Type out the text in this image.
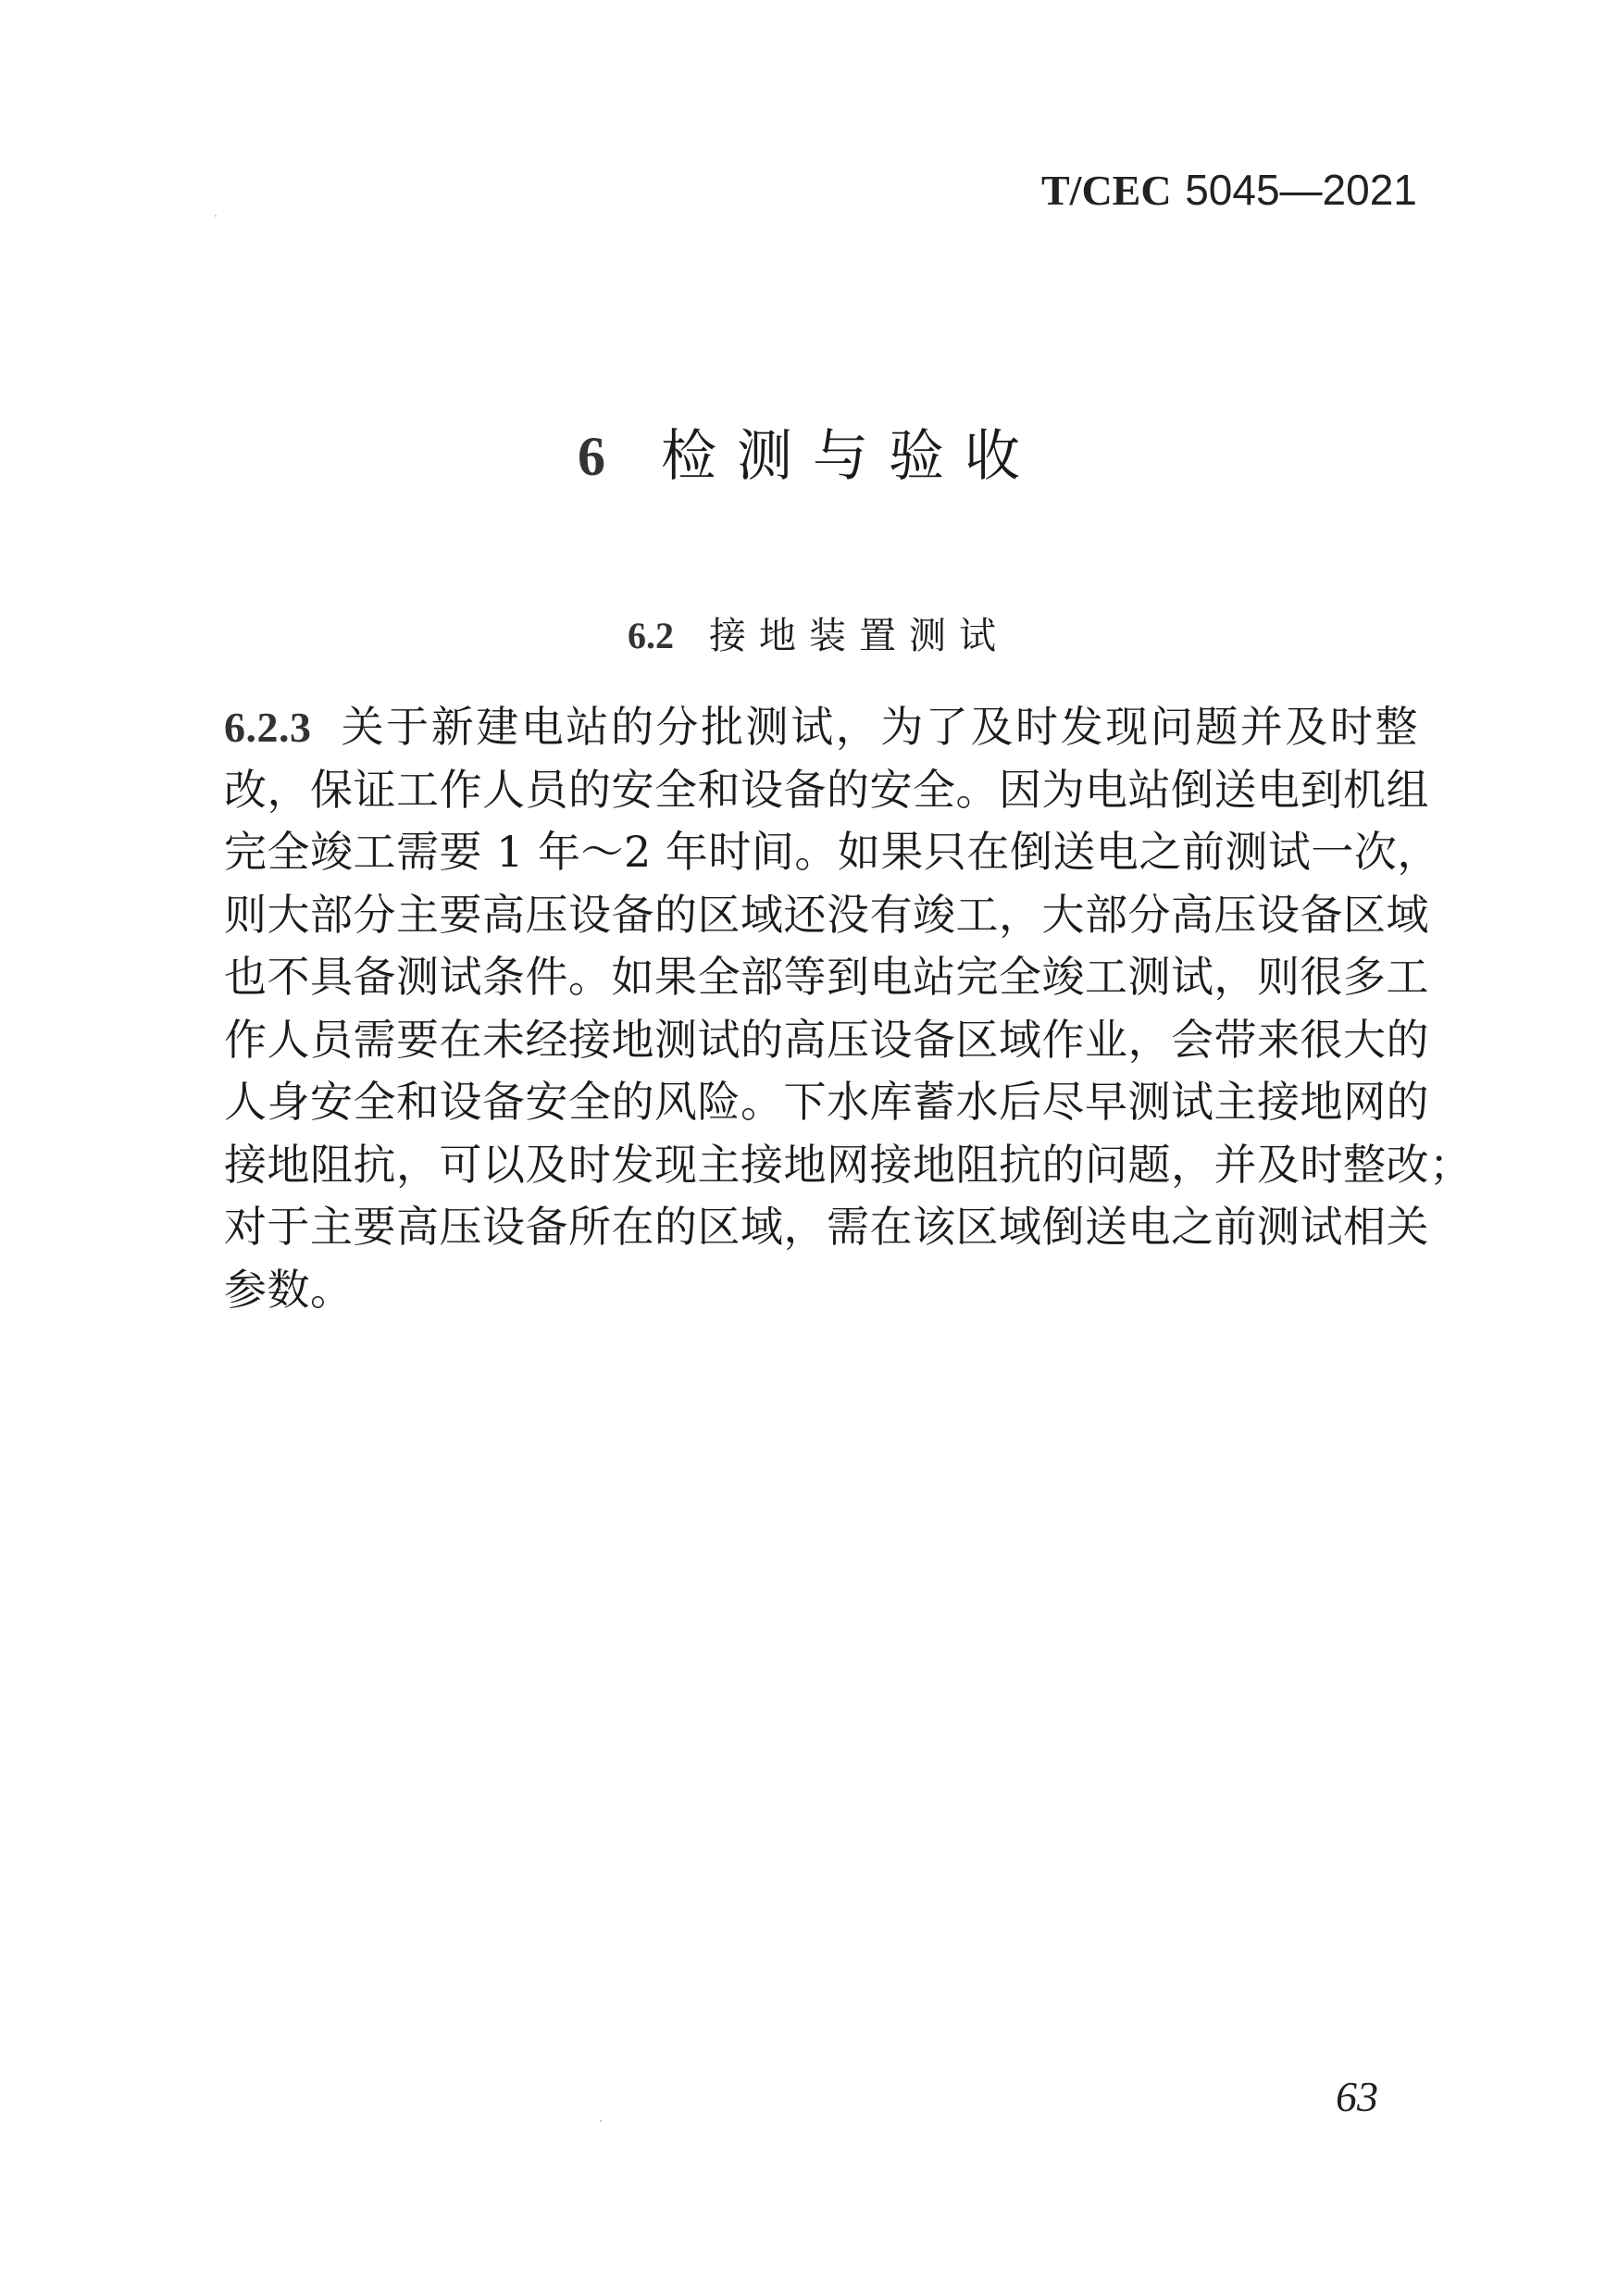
T/CEC 5045—2021
6 检测与验收
6.2 接地装置测试
6.2.3 关于新建电站的分批测试，为了及时发现问题并及时整
改，保证工作人员的安全和设备的安全。因为电站倒送电到机组
完全竣工需要 1 年～2 年时间。如果只在倒送电之前测试一次，
则大部分主要高压设备的区域还没有竣工，大部分高压设备区域
也不具备测试条件。如果全部等到电站完全竣工测试，则很多工
作人员需要在未经接地测试的高压设备区域作业，会带来很大的
人身安全和设备安全的风险。下水库蓄水后尽早测试主接地网的
接地阻抗，可以及时发现主接地网接地阻抗的问题，并及时整改；
对于主要高压设备所在的区域，需在该区域倒送电之前测试相关
参数。
63
